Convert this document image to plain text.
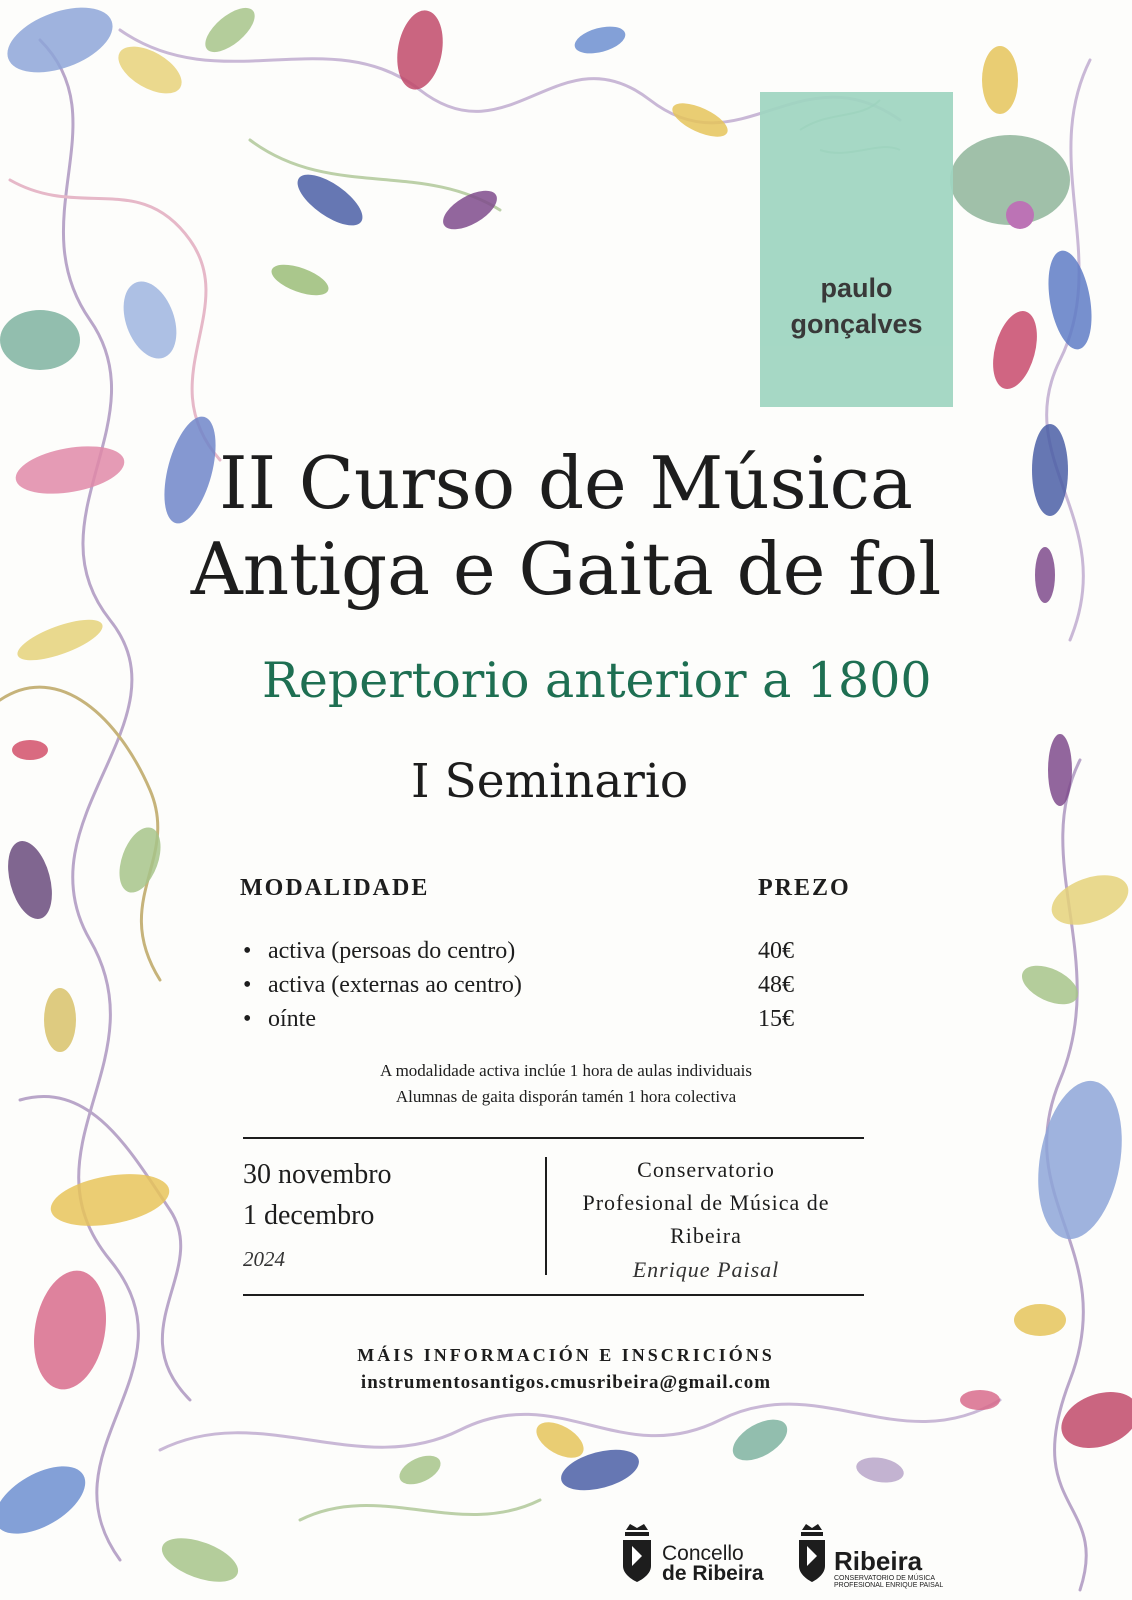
paulo
gonçalves
II Curso de Música
Antiga e Gaita de fol
Repertorio anterior a 1800
I Seminario
MODALIDADE	PREZO
• activa (persoas do centro)	40€
• activa (externas ao centro)	48€
• oínte	15€
A modalidade activa inclúe 1 hora de aulas individuais
Alumnas de gaita disporán tamén 1 hora colectiva
30 novembro
1 decembro
2024
Conservatorio
Profesional de Música de
Ribeira
Enrique Paisal
MÁIS INFORMACIÓN E INSCRICIÓNS
instrumentosantigos.cmusribeira@gmail.com
Concello
de Ribeira	Ribeira
CONSERVATORIO DE MÚSICA
PROFESIONAL ENRIQUE PAISAL
